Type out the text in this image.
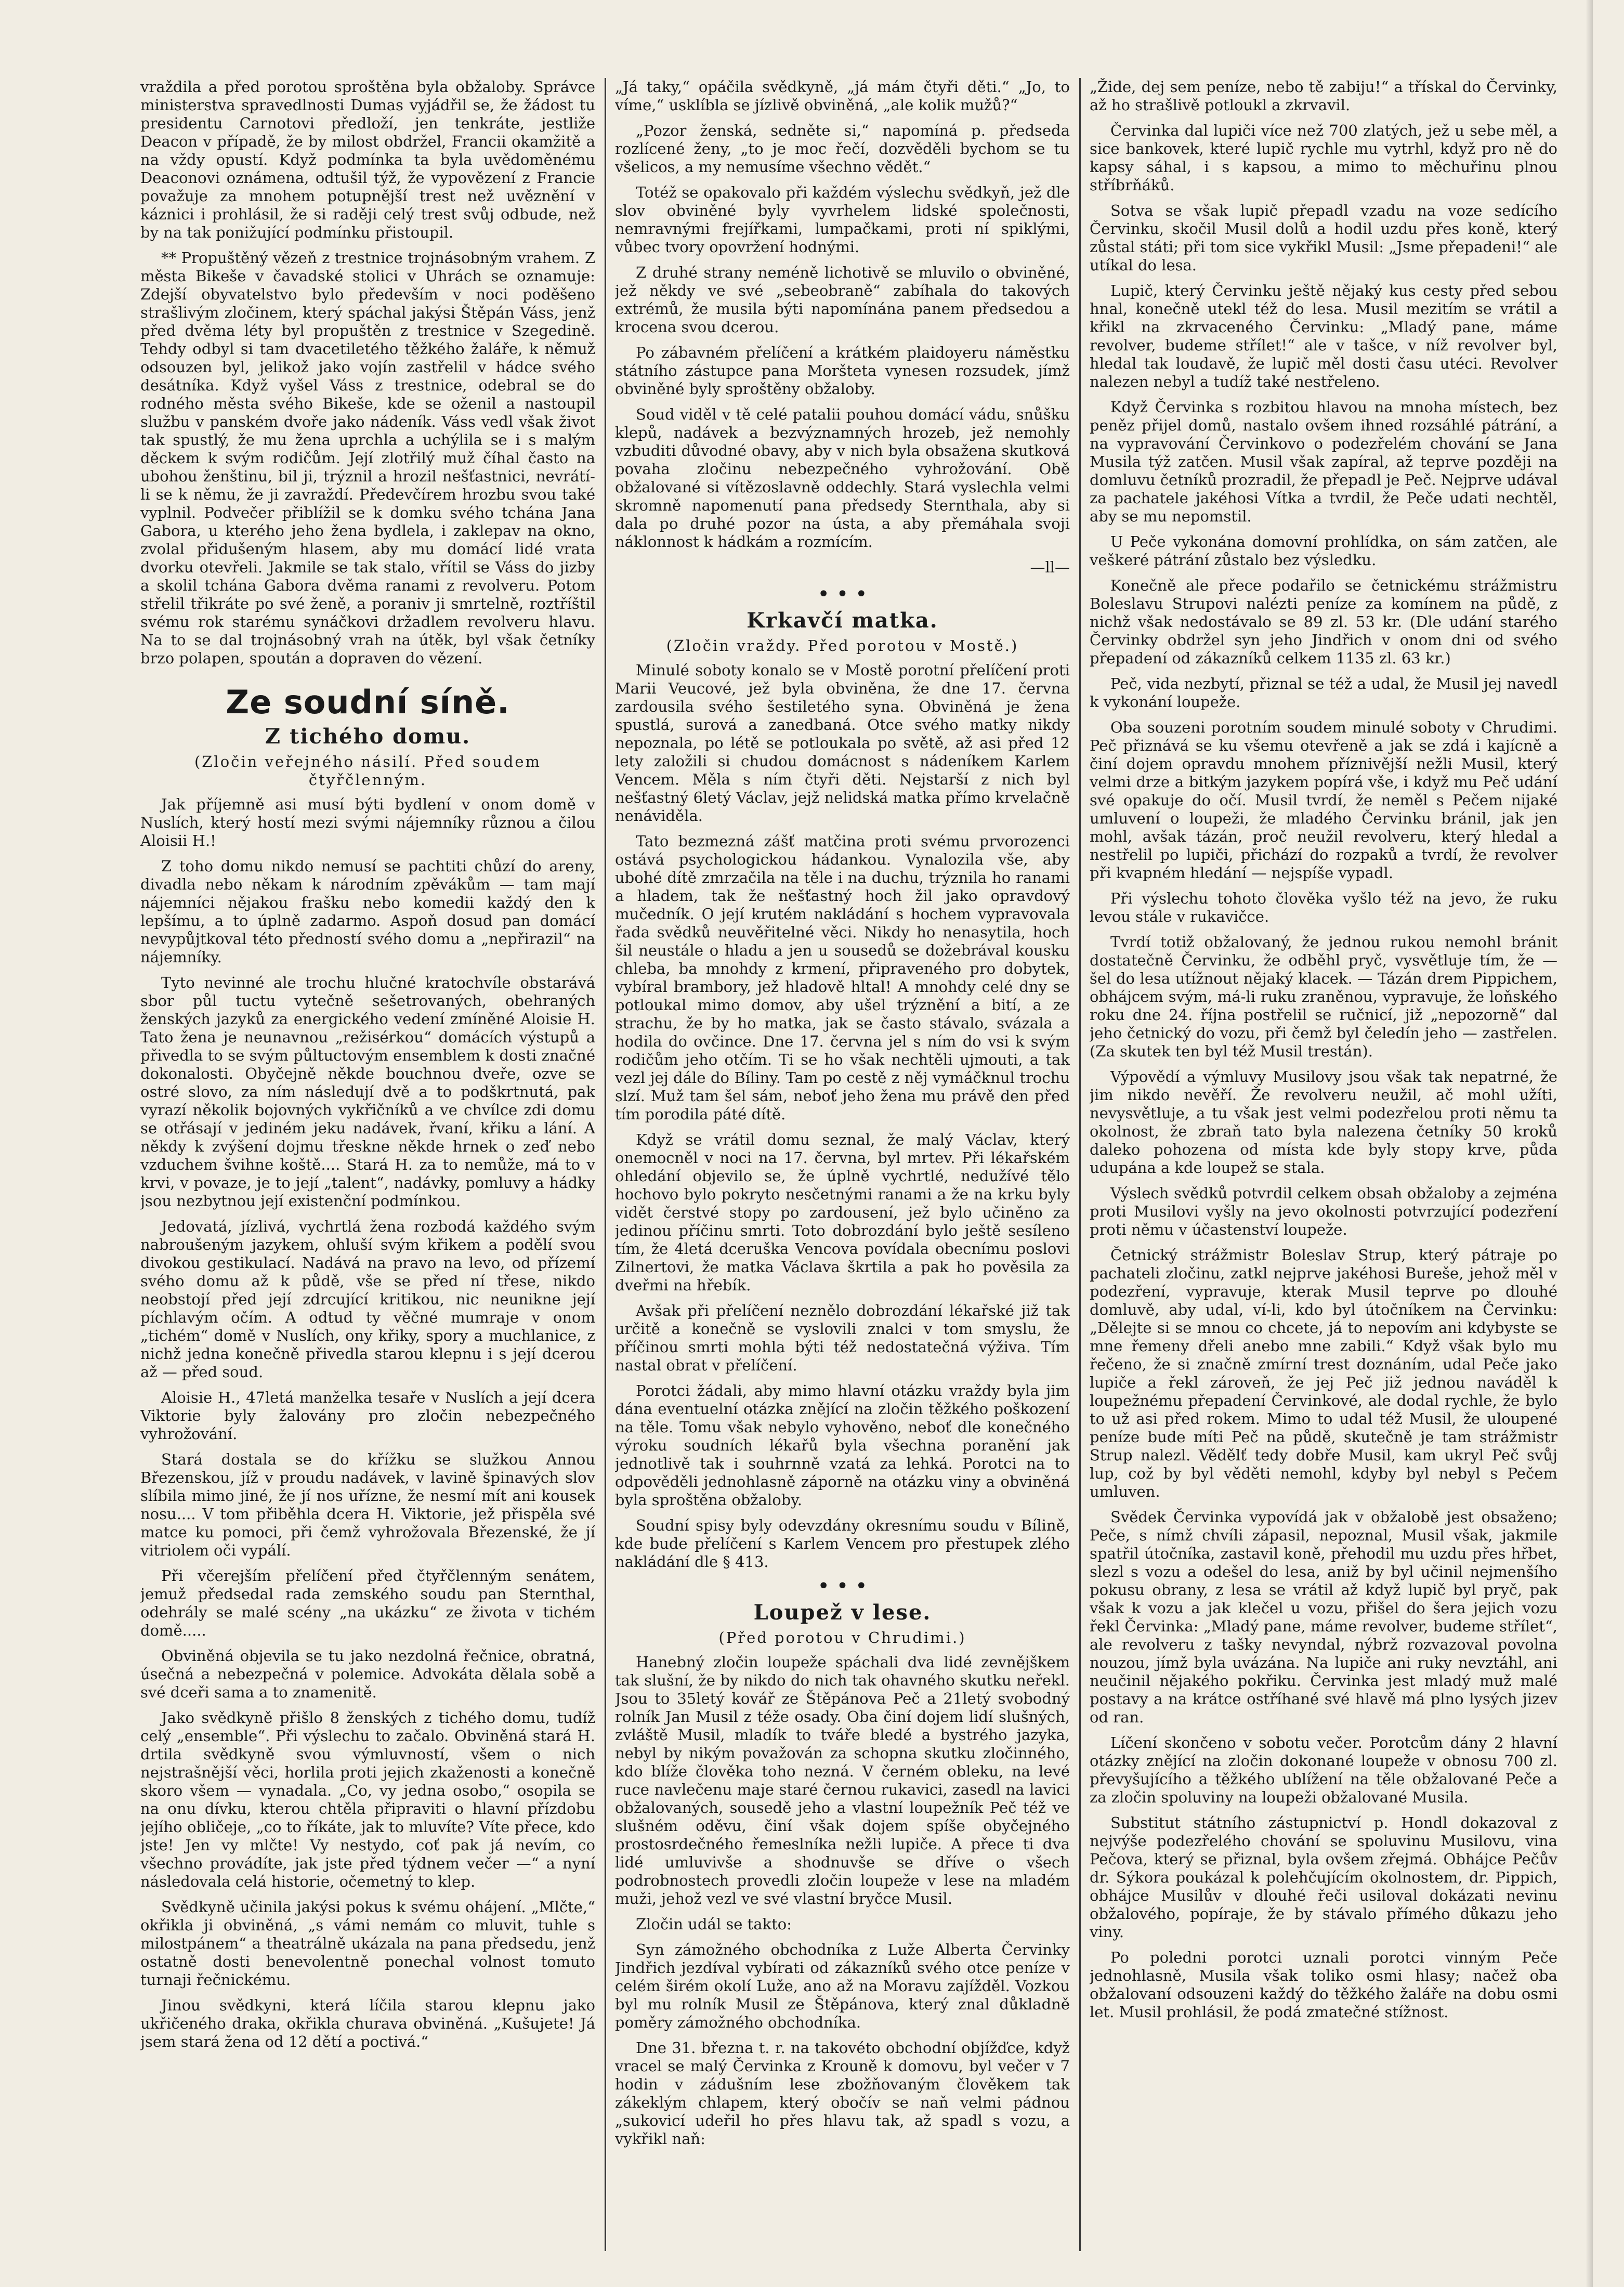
vraždila a před porotou sproštěna byla obžaloby. Správce ministerstva spravedlnosti Dumas vyjádřil se, že žádost tu presidentu Carnotovi předloží, jen tenkráte, jestliže Deacon v případě, že by milost obdržel, Francii okamžitě a na vždy opustí. Když podmínka ta byla uvědoměnému Deaconovi oznámena, odtušil týž, že vypovězení z Francie považuje za mnohem potupnější trest než uvěznění v káznici i prohlásil, že si raději celý trest svůj odbude, než by na tak ponižující podmínku přistoupil.

** Propuštěný vězeň z trestnice trojnásobným vrahem. Z města Bikeše v čavadské stolici v Uhrách se oznamuje: Zdejší obyvatelstvo bylo především v noci poděšeno strašlivým zločinem, který spáchal jakýsi Štěpán Váss, jenž před dvěma léty byl propuštěn z trestnice v Szegedině. Tehdy odbyl si tam dvacetiletého těžkého žaláře, k němuž odsouzen byl, jelikož jako vojín zastřelil v hádce svého desátníka. Když vyšel Váss z trestnice, odebral se do rodného města svého Bikeše, kde se oženil a nastoupil službu v panském dvoře jako nádeník. Váss vedl však život tak spustlý, že mu žena uprchla a uchýlila se i s malým děckem k svým rodičům. Její zlotřilý muž číhal často na ubohou ženštinu, bil ji, trýznil a hrozil nešťastnici, nevrátí-li se k němu, že ji zavraždí. Předevčírem hrozbu svou také vyplnil. Podvečer přiblížil se k domku svého tchána Jana Gabora, u kterého jeho žena bydlela, i zaklepav na okno, zvolal přidušeným hlasem, aby mu domácí lidé vrata dvorku otevřeli. Jakmile se tak stalo, vřítil se Váss do jizby a skolil tchána Gabora dvěma ranami z revolveru. Potom střelil třikráte po své ženě, a poraniv ji smrtelně, roztříštil svému rok starému synáčkovi držadlem revolveru hlavu. Na to se dal trojnásobný vrah na útěk, byl však četníky brzo polapen, spoután a dopraven do vězení.

Ze soudní síně.
Z tichého domu.
(Zločin veřejného násilí. Před soudem čtyřčlenným.

Jak příjemně asi musí býti bydlení v onom domě v Nuslích, který hostí mezi svými nájemníky různou a čilou Aloisii H.!

Z toho domu nikdo nemusí se pachtiti chůzí do areny, divadla nebo někam k národním zpěvákům — tam mají nájemníci nějakou frašku nebo komedii každý den k lepšímu, a to úplně zadarmo. Aspoň dosud pan domácí nevypůjtkoval této předností svého domu a „nepřirazil“ na nájemníky.

Tyto nevinné ale trochu hlučné kratochvíle obstarává sbor půl tuctu vytečně sešetrovaných, obehraných ženských jazyků za energického vedení zmíněné Aloisie H. Tato žena je neunavnou „režisérkou“ domácích výstupů a přivedla to se svým půltuctovým ensemblem k dosti značné dokonalosti. Obyčejně někde bouchnou dveře, ozve se ostré slovo, za ním následují dvě a to podškrtnutá, pak vyrazí několik bojovných vykřičníků a ve chvílce zdi domu se otřásají v jediném jeku nadávek, řvaní, křiku a lání. A někdy k zvýšení dojmu třeskne někde hrnek o zeď nebo vzduchem švihne koště.... Stará H. za to nemůže, má to v krvi, v povaze, je to její „talent“, nadávky, pomluvy a hádky jsou nezbytnou její existenční podmínkou.

Jedovatá, jízlivá, vychrtlá žena rozbodá každého svým nabroušeným jazykem, ohluší svým křikem a podělí svou divokou gestikulací. Nadává na pravo na levo, od přízemí svého domu až k půdě, vše se před ní třese, nikdo neobstojí před její zdrcující kritikou, nic neunikne její píchlavým očím. A odtud ty věčné mumraje v onom „tichém“ domě v Nuslích, ony křiky, spory a muchlanice, z nichž jedna konečně přivedla starou klepnu i s její dcerou až — před soud.

Aloisie H., 47letá manželka tesaře v Nuslích a její dcera Viktorie byly žalovány pro zločin nebezpečného vyhrožování.

Stará dostala se do křížku se služkou Annou Březenskou, jíž v proudu nadávek, v lavině špinavých slov slíbila mimo jiné, že jí nos uřízne, že nesmí mít ani kousek nosu.... V tom přiběhla dcera H. Viktorie, jež přispěla své matce ku pomoci, při čemž vyhrožovala Březenské, že jí vitriolem oči vypálí.

Při včerejším přelíčení před čtyřčlenným senátem, jemuž předsedal rada zemského soudu pan Sternthal, odehrály se malé scény „na ukázku“ ze života v tichém domě.....

Obviněná objevila se tu jako nezdolná řečnice, obratná, úsečná a nebezpečná v polemice. Advokáta dělala sobě a své dceři sama a to znamenitě.

Jako svědkyně přišlo 8 ženských z tichého domu, tudíž celý „ensemble“. Při výslechu to začalo. Obviněná stará H. drtila svědkyně svou výmluvností, všem o nich nejstrašnější věci, horlila proti jejich zkaženosti a konečně skoro všem — vynadala. „Co, vy jedna osobo,“ osopila se na onu dívku, kterou chtěla připraviti o hlavní přízdobu jejího obličeje, „co to říkáte, jak to mluvíte? Víte přece, kdo jste! Jen vy mlčte! Vy nestydo, coť pak já nevím, co všechno provádíte, jak jste před týdnem večer —“ a nyní následovala celá historie, očemetný to klep.

Svědkyně učinila jakýsi pokus k svému ohájení. „Mlčte,“ okřikla ji obviněná, „s vámi nemám co mluvit, tuhle s milostpánem“ a theatrálně ukázala na pana předsedu, jenž ostatně dosti benevolentně ponechal volnost tomuto turnaji řečnickému.

Jinou svědkyni, která líčila starou klepnu jako ukřičeného draka, okřikla churava obviněná. „Kušujete! Já jsem stará žena od 12 dětí a poctivá.“

„Já taky,“ opáčila svědkyně, „já mám čtyři děti.“ „Jo, to víme,“ usklíbla se jízlivě obviněná, „ale kolik mužů?“

„Pozor ženská, sedněte si,“ napomíná p. předseda rozlícené ženy, „to je moc řečí, dozvěděli bychom se tu všelicos, a my nemusíme všechno vědět.“

Totéž se opakovalo při každém výslechu svědkyň, jež dle slov obviněné byly vyvrhelem lidské společnosti, nemravnými frejířkami, lumpačkami, proti ní spiklými, vůbec tvory opovržení hodnými.

Z druhé strany neméně lichotivě se mluvilo o obviněné, jež někdy ve své „sebeobraně“ zabíhala do takových extrémů, že musila býti napomínána panem předsedou a krocena svou dcerou.

Po zábavném přelíčení a krátkém plaidoyeru náměstku státního zástupce pana Moršteta vynesen rozsudek, jímž obviněné byly sproštěny obžaloby.

Soud viděl v tě celé patalii pouhou domácí vádu, snůšku klepů, nadávek a bezvýznamných hrozeb, jež nemohly vzbuditi důvodné obavy, aby v nich byla obsažena skutková povaha zločinu nebezpečného vyhrožování. Obě obžalované si vítězoslavně oddechly. Stará vyslechla velmi skromně napomenutí pana předsedy Sternthala, aby si dala po druhé pozor na ústa, a aby přemáhala svoji náklonnost k hádkám a rozmícím.

—ll—
• • •
Krkavčí matka.
(Zločin vraždy. Před porotou v Mostě.)

Minulé soboty konalo se v Mostě porotní přelíčení proti Marii Veucové, jež byla obviněna, že dne 17. června zardousila svého šestiletého syna. Obviněná je žena spustlá, surová a zanedbaná. Otce svého matky nikdy nepoznala, po létě se potloukala po světě, až asi před 12 lety založili si chudou domácnost s nádeníkem Karlem Vencem. Měla s ním čtyři děti. Nejstarší z nich byl nešťastný 6letý Václav, jejž nelidská matka přímo krvelačně nenáviděla.

Tato bezmezná zášť matčina proti svému prvorozenci ostává psychologickou hádankou. Vynalozila vše, aby ubohé dítě zmrzačila na těle i na duchu, trýznila ho ranami a hladem, tak že nešťastný hoch žil jako opravdový mučedník. O její krutém nakládání s hochem vypravovala řada svědků neuvěřitelné věci. Nikdy ho nenasytila, hoch šil neustále o hladu a jen u sousedů se dožebrával kousku chleba, ba mnohdy z krmení, připraveného pro dobytek, vybíral brambory, jež hladově hltal! A mnohdy celé dny se potloukal mimo domov, aby ušel trýznění a bití, a ze strachu, že by ho matka, jak se často stávalo, svázala a hodila do ovčince. Dne 17. června jel s ním do vsi k svým rodičům jeho otčím. Ti se ho však nechtěli ujmouti, a tak vezl jej dále do Bíliny. Tam po cestě z něj vymáčknul trochu slzí. Muž tam šel sám, neboť jeho žena mu právě den před tím porodila páté dítě.

Když se vrátil domu seznal, že malý Václav, který onemocněl v noci na 17. června, byl mrtev. Při lékařském ohledání objevilo se, že úplně vychrtlé, nedužívé tělo hochovo bylo pokryto nesčetnými ranami a že na krku byly vidět čerstvé stopy po zardousení, jež bylo učiněno za jedinou příčinu smrti. Toto dobrozdání bylo ještě sesíleno tím, že 4letá dceruška Vencova povídala obecnímu poslovi Zilnertovi, že matka Václava škrtila a pak ho pověsila za dveřmi na hřebík.

Avšak při přelíčení neznělo dobrozdání lékařské již tak určitě a konečně se vyslovili znalci v tom smyslu, že příčinou smrti mohla býti též nedostatečná výživa. Tím nastal obrat v přelíčení.

Porotci žádali, aby mimo hlavní otázku vraždy byla jim dána eventuelní otázka znějící na zločin těžkého poškození na těle. Tomu však nebylo vyhověno, neboť dle konečného výroku soudních lékařů byla všechna poranění jak jednotlivě tak i souhrnně vzatá za lehká. Porotci na to odpověděli jednohlasně záporně na otázku viny a obviněná byla sproštěna obžaloby.

Soudní spisy byly odevzdány okresnímu soudu v Bílině, kde bude přelíčení s Karlem Vencem pro přestupek zlého nakládání dle § 413.

• • •
Loupež v lese.
(Před porotou v Chrudimi.)

Hanebný zločin loupeže spáchali dva lidé zevnějškem tak slušní, že by nikdo do nich tak ohavného skutku neřekl. Jsou to 35letý kovář ze Štěpánova Peč a 21letý svobodný rolník Jan Musil z téže osady. Oba činí dojem lidí slušných, zvláště Musil, mladík to tváře bledé a bystrého jazyka, nebyl by nikým považován za schopna skutku zločinného, kdo blíže člověka toho nezná. V černém obleku, na levé ruce navlečenu maje staré černou rukavici, zasedl na lavici obžalovaných, sousedě jeho a vlastní loupežník Peč též ve slušném oděvu, činí však dojem spíše obyčejného prostosrdečného řemeslníka nežli lupiče. A přece ti dva lidé umluvivše a shodnuvše se dříve o všech podrobnostech provedli zločin loupeže v lese na mladém muži, jehož vezl ve své vlastní bryčce Musil.

Zločin udál se takto:

Syn zámožného obchodníka z Luže Alberta Červinky Jindřich jezdíval vybírati od zákazníků svého otce peníze v celém širém okolí Luže, ano až na Moravu zajížděl. Vozkou byl mu rolník Musil ze Štěpánova, který znal důkladně poměry zámožného obchodníka.

Dne 31. března t. r. na takovéto obchodní objížďce, když vracel se malý Červinka z Krouně k domovu, byl večer v 7 hodin v zádušním lese zbožňovaným člověkem tak zákeklým chlapem, který obočív se naň velmi pádnou „sukovicí udeřil ho přes hlavu tak, až spadl s vozu, a vykřikl naň:

„Žide, dej sem peníze, nebo tě zabiju!“ a třískal do Červinky, až ho strašlivě potloukl a zkrvavil.

Červinka dal lupiči více než 700 zlatých, jež u sebe měl, a sice bankovek, které lupič rychle mu vytrhl, když pro ně do kapsy sáhal, i s kapsou, a mimo to měchuřinu plnou stříbrňáků.

Sotva se však lupič přepadl vzadu na voze sedícího Červinku, skočil Musil dolů a hodil uzdu přes koně, který zůstal státi; při tom sice vykřikl Musil: „Jsme přepadeni!“ ale utíkal do lesa.

Lupič, který Červinku ještě nějaký kus cesty před sebou hnal, konečně utekl též do lesa. Musil mezitím se vrátil a křikl na zkrvaceného Červinku: „Mladý pane, máme revolver, budeme střílet!“ ale v tašce, v níž revolver byl, hledal tak loudavě, že lupič měl dosti času utéci. Revolver nalezen nebyl a tudíž také nestřeleno.

Když Červinka s rozbitou hlavou na mnoha místech, bez peněz přijel domů, nastalo ovšem ihned rozsáhlé pátrání, a na vypravování Červinkovo o podezřelém chování se Jana Musila týž zatčen. Musil však zapíral, až teprve později na domluvu četníků prozradil, že přepadl je Peč. Nejprve udával za pachatele jakéhosi Vítka a tvrdil, že Peče udati nechtěl, aby se mu nepomstil.

U Peče vykonána domovní prohlídka, on sám zatčen, ale veškeré pátrání zůstalo bez výsledku.

Konečně ale přece podařilo se četnickému strážmistru Boleslavu Strupovi nalézti peníze za komínem na půdě, z nichž však nedostávalo se 89 zl. 53 kr. (Dle udání starého Červinky obdržel syn jeho Jindřich v onom dni od svého přepadení od zákazníků celkem 1135 zl. 63 kr.)

Peč, vida nezbytí, přiznal se též a udal, že Musil jej navedl k vykonání loupeže.

Oba souzeni porotním soudem minulé soboty v Chrudimi. Peč přiznává se ku všemu otevřeně a jak se zdá i kajícně a činí dojem opravdu mnohem příznivější nežli Musil, který velmi drze a bitkým jazykem popírá vše, i když mu Peč udání své opakuje do očí. Musil tvrdí, že neměl s Pečem nijaké umluvení o loupeži, že mladého Červinku bránil, jak jen mohl, avšak tázán, proč neužil revolveru, který hledal a nestřelil po lupiči, přichází do rozpaků a tvrdí, že revolver při kvapném hledání — nejspíše vypadl.

Při výslechu tohoto člověka vyšlo též na jevo, že ruku levou stále v rukavičce.

Tvrdí totiž obžalovaný, že jednou rukou nemohl bránit dostatečně Červinku, že odběhl pryč, vysvětluje tím, že — šel do lesa utížnout nějaký klacek. — Tázán drem Pippichem, obhájcem svým, má-li ruku zraněnou, vypravuje, že loňského roku dne 24. října postřelil se ručnicí, již „nepozorně“ dal jeho četnický do vozu, při čemž byl čeledín jeho — zastřelen. (Za skutek ten byl též Musil trestán).

Výpovědí a výmluvy Musilovy jsou však tak nepatrné, že jim nikdo nevěří. Že revolveru neužil, ač mohl užíti, nevysvětluje, a tu však jest velmi podezřelou proti němu ta okolnost, že zbraň tato byla nalezena četníky 50 kroků daleko pohozena od místa kde byly stopy krve, půda udupána a kde loupež se stala.

Výslech svědků potvrdil celkem obsah obžaloby a zejména proti Musilovi vyšly na jevo okolnosti potvrzující podezření proti němu v účastenství loupeže.

Četnický strážmistr Boleslav Strup, který pátraje po pachateli zločinu, zatkl nejprve jakéhosi Bureše, jehož měl v podezření, vypravuje, kterak Musil teprve po dlouhé domluvě, aby udal, ví-li, kdo byl útočníkem na Červinku: „Dělejte si se mnou co chcete, já to nepovím ani kdybyste se mne řemeny dřeli anebo mne zabili.“ Když však bylo mu řečeno, že si značně zmírní trest doznáním, udal Peče jako lupiče a řekl zároveň, že jej Peč již jednou naváděl k loupežnému přepadení Červinkové, ale dodal rychle, že bylo to už asi před rokem. Mimo to udal též Musil, že uloupené peníze bude míti Peč na půdě, skutečně je tam strážmistr Strup nalezl. Vědělť tedy dobře Musil, kam ukryl Peč svůj lup, což by byl věděti nemohl, kdyby byl nebyl s Pečem umluven.

Svědek Červinka vypovídá jak v obžalobě jest obsaženo; Peče, s nímž chvíli zápasil, nepoznal, Musil však, jakmile spatřil útočníka, zastavil koně, přehodil mu uzdu přes hřbet, slezl s vozu a odešel do lesa, aniž by byl učinil nejmenšího pokusu obrany, z lesa se vrátil až když lupič byl pryč, pak však k vozu a jak klečel u vozu, přišel do šera jejich vozu řekl Červinka: „Mladý pane, máme revolver, budeme střílet“, ale revolveru z tašky nevyndal, nýbrž rozvazoval povolna nouzou, jímž byla uvázána. Na lupiče ani ruky nevztáhl, ani neučinil nějakého pokřiku. Červinka jest mladý muž malé postavy a na krátce ostříhané své hlavě má plno lysých jizev od ran.

Líčení skončeno v sobotu večer. Porotcům dány 2 hlavní otázky znějící na zločin dokonané loupeže v obnosu 700 zl. převyšujícího a těžkého ublížení na těle obžalované Peče a za zločin spoluviny na loupeži obžalované Musila.

Substitut státního zástupnictví p. Hondl dokazoval z nejvýše podezřelého chování se spoluvinu Musilovu, vina Pečova, který se přiznal, byla ovšem zřejmá. Obhájce Pečův dr. Sýkora poukázal k polehčujícím okolnostem, dr. Pippich, obhájce Musilův v dlouhé řeči usiloval dokázati nevinu obžalového, popíraje, že by stávalo přímého důkazu jeho viny.

Po poledni porotci uznali porotci vinným Peče jednohlasně, Musila však toliko osmi hlasy; načež oba obžalovaní odsouzeni každý do těžkého žaláře na dobu osmi let. Musil prohlásil, že podá zmatečné stížnost.
